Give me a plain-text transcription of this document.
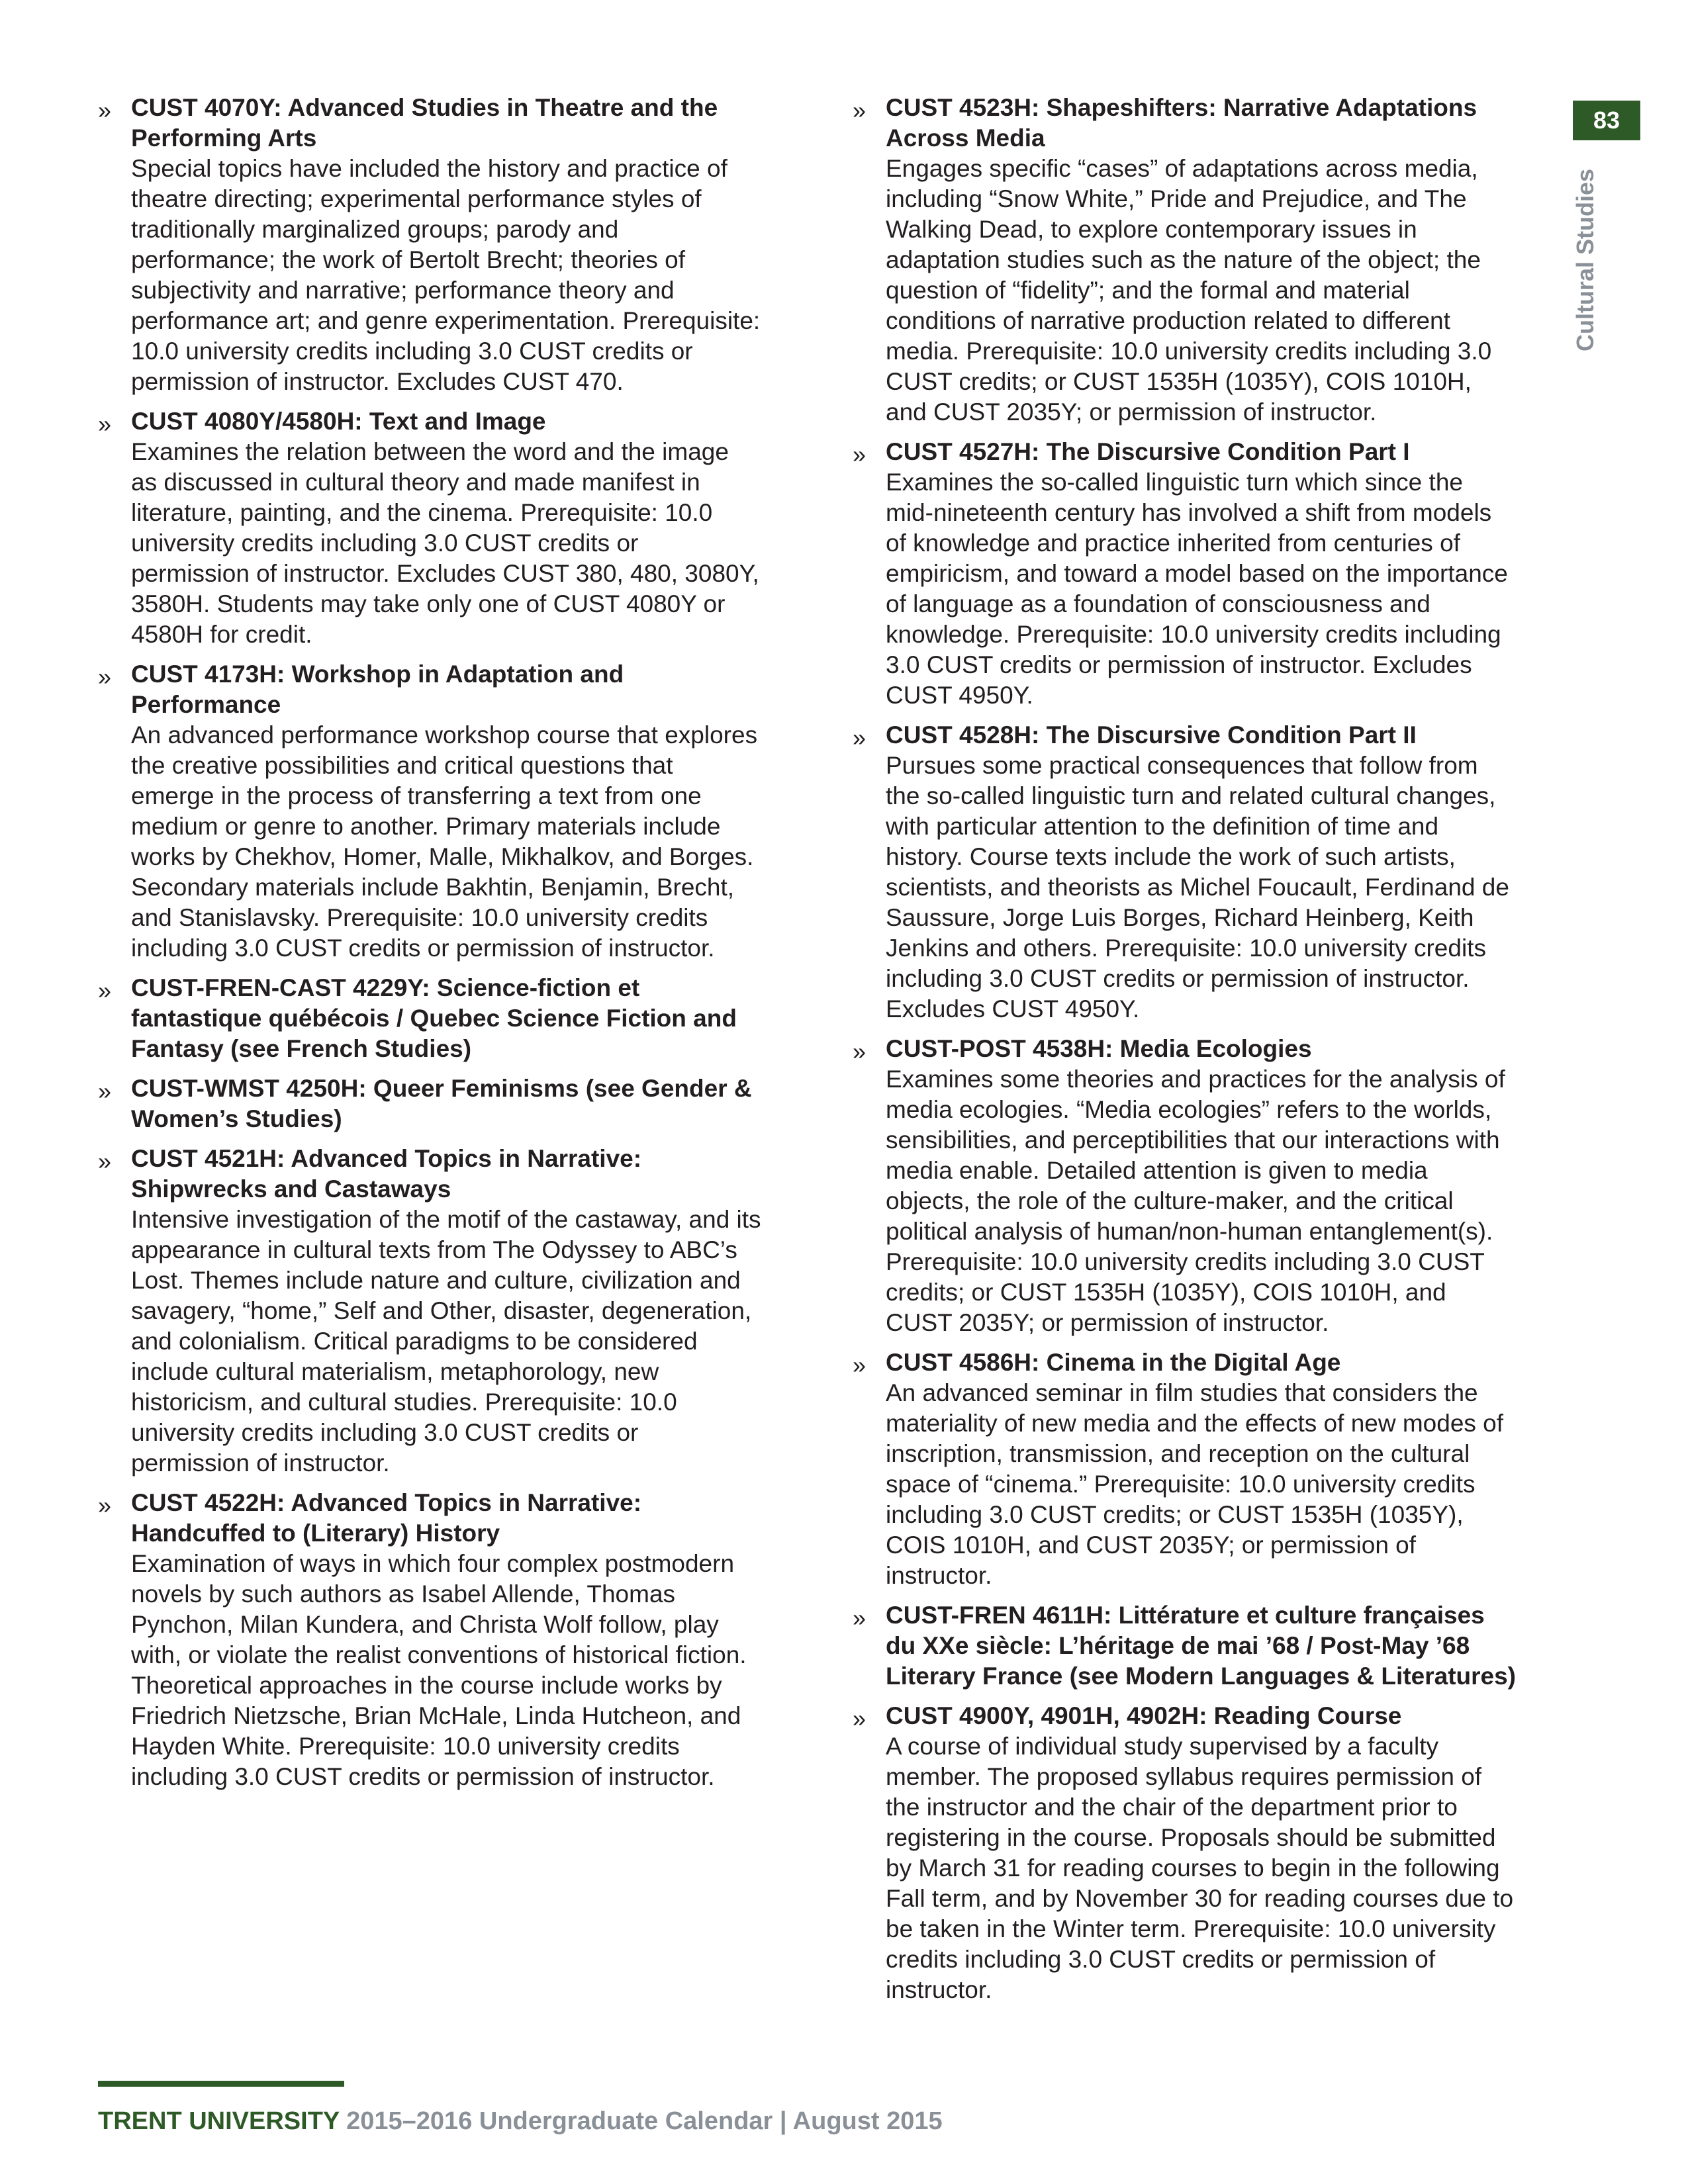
» CUST 4070Y: Advanced Studies in Theatre and the Performing Arts
Special topics have included the history and practice of theatre directing; experimental performance styles of traditionally marginalized groups; parody and performance; the work of Bertolt Brecht; theories of subjectivity and narrative; performance theory and performance art; and genre experimentation. Prerequisite: 10.0 university credits including 3.0 CUST credits or permission of instructor. Excludes CUST 470.
» CUST 4080Y/4580H: Text and Image
Examines the relation between the word and the image as discussed in cultural theory and made manifest in literature, painting, and the cinema. Prerequisite: 10.0 university credits including 3.0 CUST credits or permission of instructor. Excludes CUST 380, 480, 3080Y, 3580H. Students may take only one of CUST 4080Y or 4580H for credit.
» CUST 4173H: Workshop in Adaptation and Performance
An advanced performance workshop course that explores the creative possibilities and critical questions that emerge in the process of transferring a text from one medium or genre to another. Primary materials include works by Chekhov, Homer, Malle, Mikhalkov, and Borges. Secondary materials include Bakhtin, Benjamin, Brecht, and Stanislavsky. Prerequisite: 10.0 university credits including 3.0 CUST credits or permission of instructor.
» CUST-FREN-CAST 4229Y: Science-fiction et fantastique québécois / Quebec Science Fiction and Fantasy (see French Studies)
» CUST-WMST 4250H: Queer Feminisms (see Gender & Women’s Studies)
» CUST 4521H: Advanced Topics in Narrative: Shipwrecks and Castaways
Intensive investigation of the motif of the castaway, and its appearance in cultural texts from The Odyssey to ABC’s Lost. Themes include nature and culture, civilization and savagery, “home,” Self and Other, disaster, degeneration, and colonialism. Critical paradigms to be considered include cultural materialism, metaphorology, new historicism, and cultural studies. Prerequisite: 10.0 university credits including 3.0 CUST credits or permission of instructor.
» CUST 4522H: Advanced Topics in Narrative: Handcuffed to (Literary) History
Examination of ways in which four complex postmodern novels by such authors as Isabel Allende, Thomas Pynchon, Milan Kundera, and Christa Wolf follow, play with, or violate the realist conventions of historical fiction. Theoretical approaches in the course include works by Friedrich Nietzsche, Brian McHale, Linda Hutcheon, and Hayden White. Prerequisite: 10.0 university credits including 3.0 CUST credits or permission of instructor.
» CUST 4523H: Shapeshifters: Narrative Adaptations Across Media
Engages specific “cases” of adaptations across media, including “Snow White,” Pride and Prejudice, and The Walking Dead, to explore contemporary issues in adaptation studies such as the nature of the object; the question of “fidelity”; and the formal and material conditions of narrative production related to different media. Prerequisite: 10.0 university credits including 3.0 CUST credits; or CUST 1535H (1035Y), COIS 1010H, and CUST 2035Y; or permission of instructor.
» CUST 4527H: The Discursive Condition Part I
Examines the so-called linguistic turn which since the mid-nineteenth century has involved a shift from models of knowledge and practice inherited from centuries of empiricism, and toward a model based on the importance of language as a foundation of consciousness and knowledge. Prerequisite: 10.0 university credits including 3.0 CUST credits or permission of instructor. Excludes CUST 4950Y.
» CUST 4528H: The Discursive Condition Part II
Pursues some practical consequences that follow from the so-called linguistic turn and related cultural changes, with particular attention to the definition of time and history. Course texts include the work of such artists, scientists, and theorists as Michel Foucault, Ferdinand de Saussure, Jorge Luis Borges, Richard Heinberg, Keith Jenkins and others. Prerequisite: 10.0 university credits including 3.0 CUST credits or permission of instructor. Excludes CUST 4950Y.
» CUST-POST 4538H: Media Ecologies
Examines some theories and practices for the analysis of media ecologies. “Media ecologies” refers to the worlds, sensibilities, and perceptibilities that our interactions with media enable. Detailed attention is given to media objects, the role of the culture-maker, and the critical political analysis of human/non-human entanglement(s). Prerequisite: 10.0 university credits including 3.0 CUST credits; or CUST 1535H (1035Y), COIS 1010H, and CUST 2035Y; or permission of instructor.
» CUST 4586H: Cinema in the Digital Age
An advanced seminar in film studies that considers the materiality of new media and the effects of new modes of inscription, transmission, and reception on the cultural space of “cinema.” Prerequisite: 10.0 university credits including 3.0 CUST credits; or CUST 1535H (1035Y), COIS 1010H, and CUST 2035Y; or permission of instructor.
» CUST-FREN 4611H: Littérature et culture françaises du XXe siècle: L’héritage de mai ’68 / Post-May ’68 Literary France (see Modern Languages & Literatures)
» CUST 4900Y, 4901H, 4902H: Reading Course
A course of individual study supervised by a faculty member. The proposed syllabus requires permission of the instructor and the chair of the department prior to registering in the course. Proposals should be submitted by March 31 for reading courses to begin in the following Fall term, and by November 30 for reading courses due to be taken in the Winter term. Prerequisite: 10.0 university credits including 3.0 CUST credits or permission of instructor.
83
Cultural Studies
TRENT UNIVERSITY 2015–2016 Undergraduate Calendar | August 2015
